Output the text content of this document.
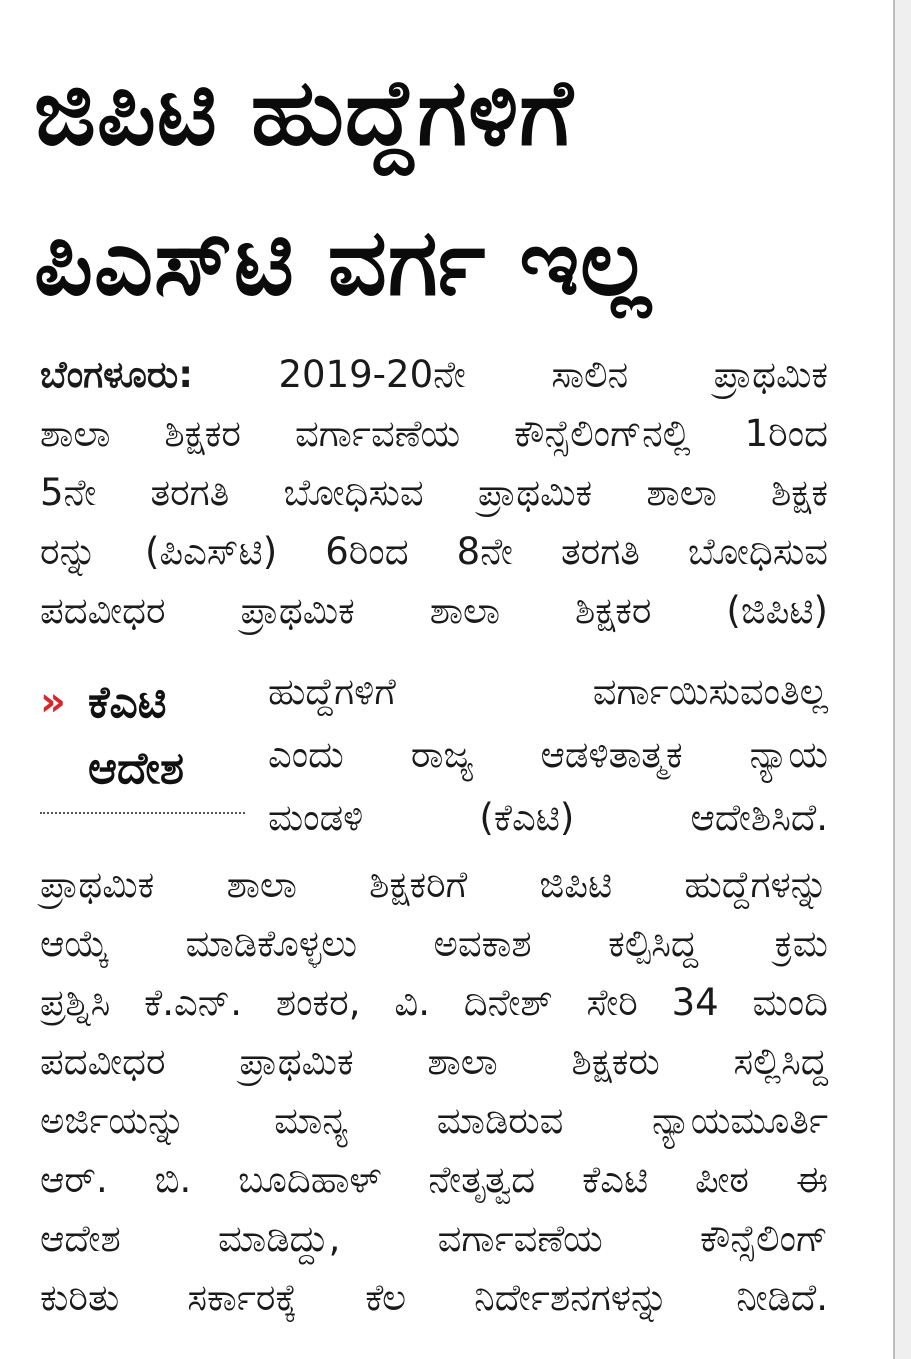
ಜಿಪಿಟಿ ಹುದ್ದೆಗಳಿಗೆ
ಪಿಎಸ್‌ಟಿ ವರ್ಗ ಇಲ್ಲ
ಬೆಂಗಳೂರು: 2019-20ನೇ ಸಾಲಿನ ಪ್ರಾಥಮಿಕ
ಶಾಲಾ ಶಿಕ್ಷಕರ ವರ್ಗಾವಣೆಯ ಕೌನ್ಸೆಲಿಂಗ್‌ನಲ್ಲಿ 1ರಿಂದ
5ನೇ ತರಗತಿ ಬೋಧಿಸುವ ಪ್ರಾಥಮಿಕ ಶಾಲಾ ಶಿಕ್ಷಕ
ರನ್ನು (ಪಿಎಸ್‌ಟಿ) 6ರಿಂದ 8ನೇ ತರಗತಿ ಬೋಧಿಸುವ
ಪದವೀಧರ ಪ್ರಾಥಮಿಕ ಶಾಲಾ ಶಿಕ್ಷಕರ (ಜಿಪಿಟಿ)
» ಕೆಎಟಿ
ಆದೇಶ
ಹುದ್ದೆಗಳಿಗೆ ವರ್ಗಾಯಿಸುವಂತಿಲ್ಲ
ಎಂದು ರಾಜ್ಯ ಆಡಳಿತಾತ್ಮಕ ನ್ಯಾಯ
ಮಂಡಳಿ (ಕೆಎಟಿ) ಆದೇಶಿಸಿದೆ.
ಪ್ರಾಥಮಿಕ ಶಾಲಾ ಶಿಕ್ಷಕರಿಗೆ ಜಿಪಿಟಿ ಹುದ್ದೆಗಳನ್ನು
ಆಯ್ಕೆ ಮಾಡಿಕೊಳ್ಳಲು ಅವಕಾಶ ಕಲ್ಪಿಸಿದ್ದ ಕ್ರಮ
ಪ್ರಶ್ನಿಸಿ ಕೆ.ಎನ್. ಶಂಕರ, ವಿ. ದಿನೇಶ್ ಸೇರಿ 34 ಮಂದಿ
ಪದವೀಧರ ಪ್ರಾಥಮಿಕ ಶಾಲಾ ಶಿಕ್ಷಕರು ಸಲ್ಲಿಸಿದ್ದ
ಅರ್ಜಿಯನ್ನು ಮಾನ್ಯ ಮಾಡಿರುವ ನ್ಯಾಯಮೂರ್ತಿ
ಆರ್. ಬಿ. ಬೂದಿಹಾಳ್ ನೇತೃತ್ವದ ಕೆಎಟಿ ಪೀಠ ಈ
ಆದೇಶ ಮಾಡಿದ್ದು, ವರ್ಗಾವಣೆಯ ಕೌನ್ಸೆಲಿಂಗ್
ಕುರಿತು ಸರ್ಕಾರಕ್ಕೆ ಕೆಲ ನಿರ್ದೇಶನಗಳನ್ನು ನೀಡಿದೆ.
